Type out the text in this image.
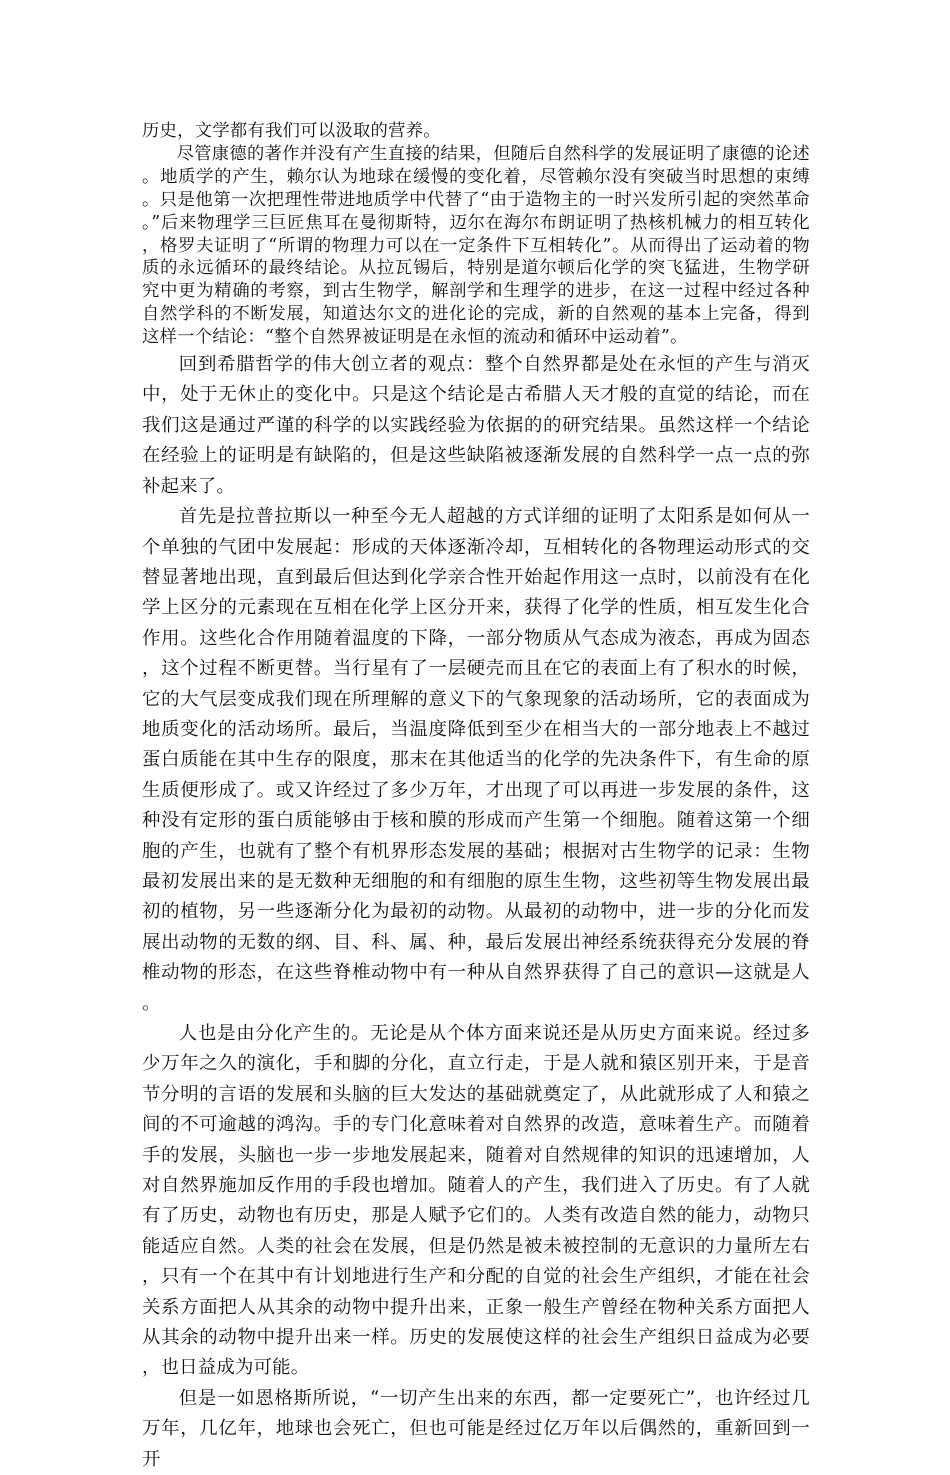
历史，文学都有我们可以汲取的营养。

尽管康德的著作并没有产生直接的结果，但随后自然科学的发展证明了康德的论述。地质学的产生，赖尔认为地球在缓慢的变化着，尽管赖尔没有突破当时思想的束缚。只是他第一次把理性带进地质学中代替了“由于造物主的一时兴发所引起的突然革命。”后来物理学三巨匠焦耳在曼彻斯特，迈尔在海尔布朗证明了热核机械力的相互转化，格罗夫证明了“所谓的物理力可以在一定条件下互相转化”。从而得出了运动着的物质的永远循环的最终结论。从拉瓦锡后，特别是道尔顿后化学的突飞猛进，生物学研究中更为精确的考察，到古生物学，解剖学和生理学的进步，在这一过程中经过各种自然学科的不断发展，知道达尔文的进化论的完成，新的自然观的基本上完备，得到这样一个结论：“整个自然界被证明是在永恒的流动和循环中运动着”。

回到希腊哲学的伟大创立者的观点：整个自然界都是处在永恒的产生与消灭中，处于无休止的变化中。只是这个结论是古希腊人天才般的直觉的结论，而在我们这是通过严谨的科学的以实践经验为依据的的研究结果。虽然这样一个结论在经验上的证明是有缺陷的，但是这些缺陷被逐渐发展的自然科学一点一点的弥补起来了。

首先是拉普拉斯以一种至今无人超越的方式详细的证明了太阳系是如何从一个单独的气团中发展起：形成的天体逐渐冷却，互相转化的各物理运动形式的交替显著地出现，直到最后但达到化学亲合性开始起作用这一点时，以前没有在化学上区分的元素现在互相在化学上区分开来，获得了化学的性质，相互发生化合作用。这些化合作用随着温度的下降，一部分物质从气态成为液态，再成为固态，这个过程不断更替。当行星有了一层硬壳而且在它的表面上有了积水的时候，它的大气层变成我们现在所理解的意义下的气象现象的活动场所，它的表面成为地质变化的活动场所。最后，当温度降低到至少在相当大的一部分地表上不越过蛋白质能在其中生存的限度，那末在其他适当的化学的先决条件下，有生命的原生质便形成了。或又许经过了多少万年，才出现了可以再进一步发展的条件，这种没有定形的蛋白质能够由于核和膜的形成而产生第一个细胞。随着这第一个细胞的产生，也就有了整个有机界形态发展的基础；根据对古生物学的记录：生物最初发展出来的是无数种无细胞的和有细胞的原生生物，这些初等生物发展出最初的植物，另一些逐渐分化为最初的动物。从最初的动物中，进一步的分化而发展出动物的无数的纲、目、科、属、种，最后发展出神经系统获得充分发展的脊椎动物的形态，在这些脊椎动物中有一种从自然界获得了自己的意识—这就是人。

人也是由分化产生的。无论是从个体方面来说还是从历史方面来说。经过多少万年之久的演化，手和脚的分化，直立行走，于是人就和猿区别开来，于是音节分明的言语的发展和头脑的巨大发达的基础就奠定了，从此就形成了人和猿之间的不可逾越的鸿沟。手的专门化意味着对自然界的改造，意味着生产。而随着手的发展，头脑也一步一步地发展起来，随着对自然规律的知识的迅速增加，人对自然界施加反作用的手段也增加。随着人的产生，我们进入了历史。有了人就有了历史，动物也有历史，那是人赋予它们的。人类有改造自然的能力，动物只能适应自然。人类的社会在发展，但是仍然是被未被控制的无意识的力量所左右，只有一个在其中有计划地进行生产和分配的自觉的社会生产组织，才能在社会关系方面把人从其余的动物中提升出来，正象一般生产曾经在物种关系方面把人从其余的动物中提升出来一样。历史的发展使这样的社会生产组织日益成为必要，也日益成为可能。

但是一如恩格斯所说，“一切产生出来的东西，都一定要死亡”，也许经过几万年，几亿年，地球也会死亡，但也可能是经过亿万年以后偶然的，重新回到一开
